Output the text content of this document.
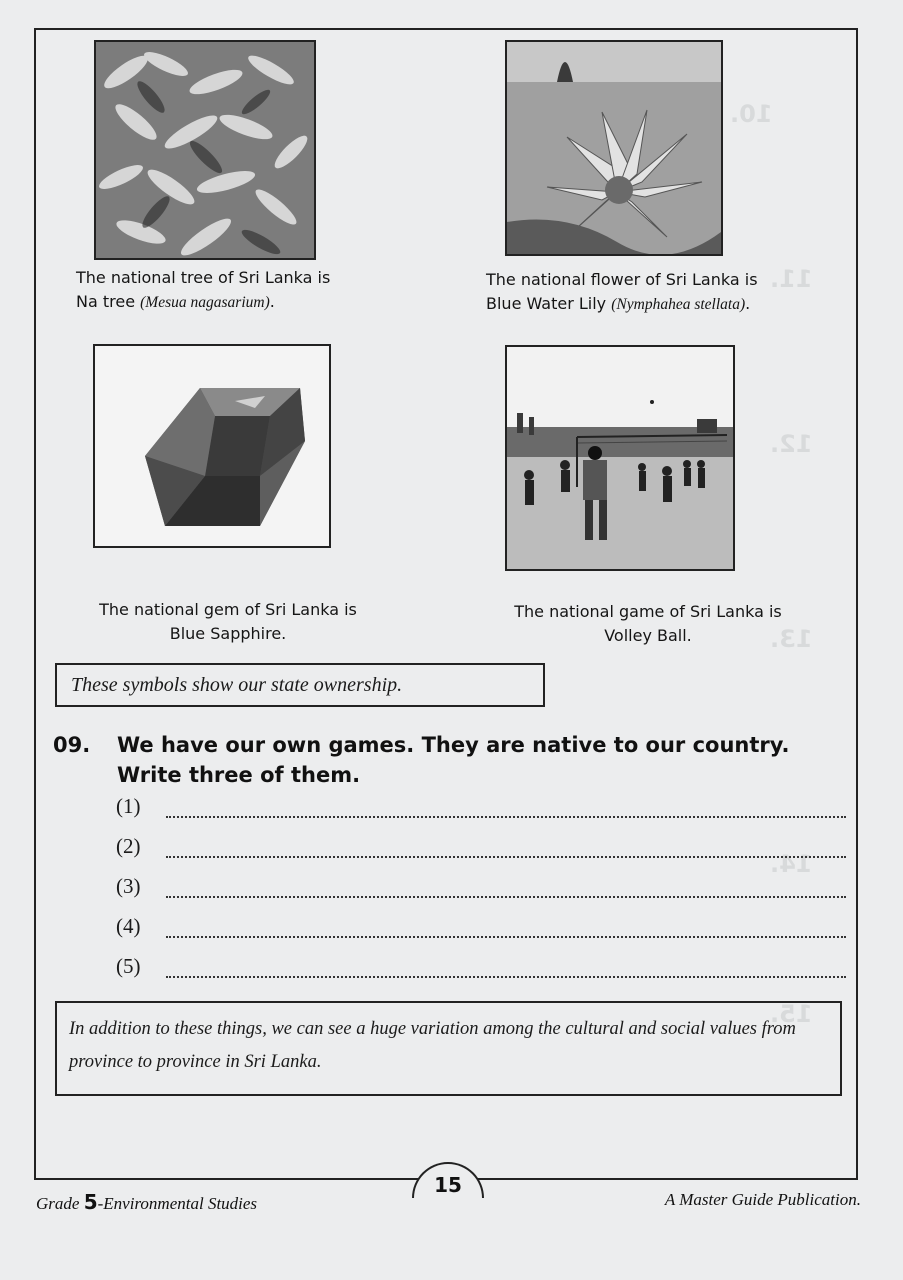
10.
11.
12.
13.
14.
15.
The national tree of Sri Lanka is
Na tree (Mesua nagasarium).
The national flower of Sri Lanka is
Blue Water Lily (Nymphahea stellata).
The national gem of Sri Lanka is
Blue Sapphire.
The national game of Sri Lanka is
Volley Ball.
These symbols show our state ownership.
09. We have our own games. They are native to our country.
Write three of them.
(1)
(2)
(3)
(4)
(5)
In addition to these things, we can see a huge variation among the cultural and social values from province to province in Sri Lanka.
15
Grade 5-Environmental Studies	A Master Guide Publication.
